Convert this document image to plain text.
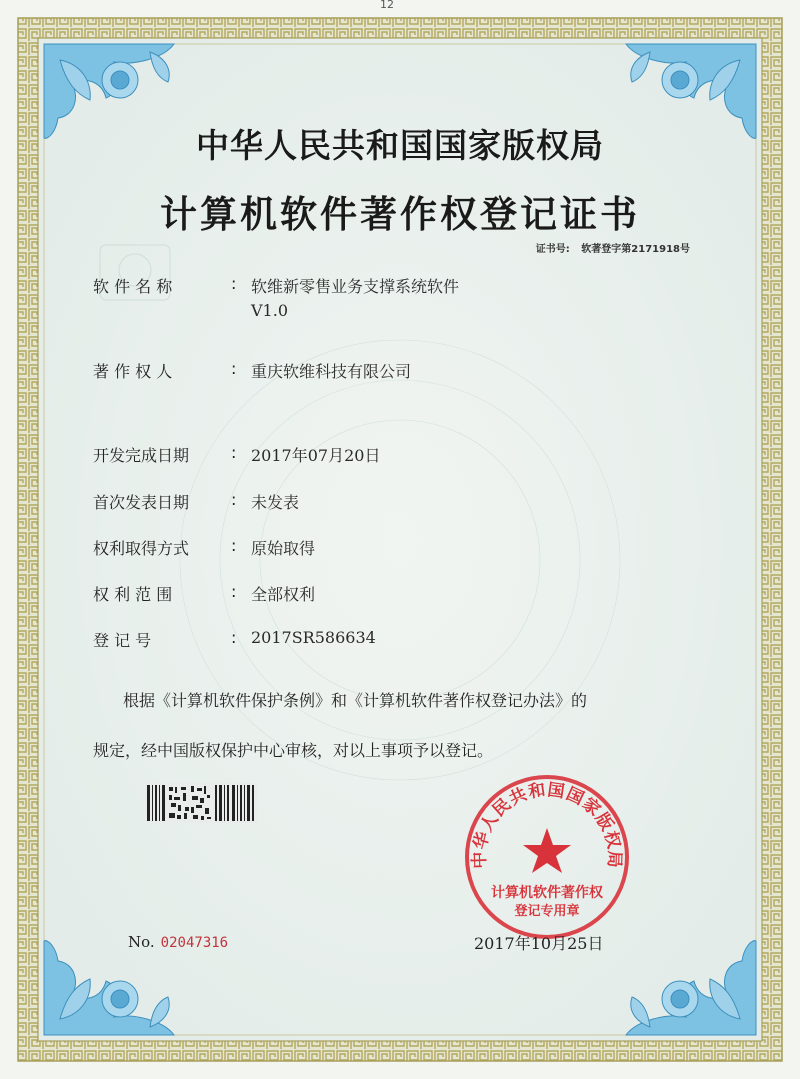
12
中华人民共和国国家版权局
计算机软件著作权登记证书
证书号: 软著登字第2171918号
软 件 名 称	: 软维新零售业务支撑系统软件
V1.0
著 作 权 人	: 重庆软维科技有限公司
开发完成日期	: 2017年07月20日
首次发表日期	: 未发表
权利取得方式	: 原始取得
权 利 范 围	: 全部权利
登 记 号	: 2017SR586634
根据《计算机软件保护条例》和《计算机软件著作权登记办法》的
规定，经中国版权保护中心审核，对以上事项予以登记。
中华人民共和国国家版权局
计算机软件著作权
登记专用章
No. 02047316	2017年10月25日
